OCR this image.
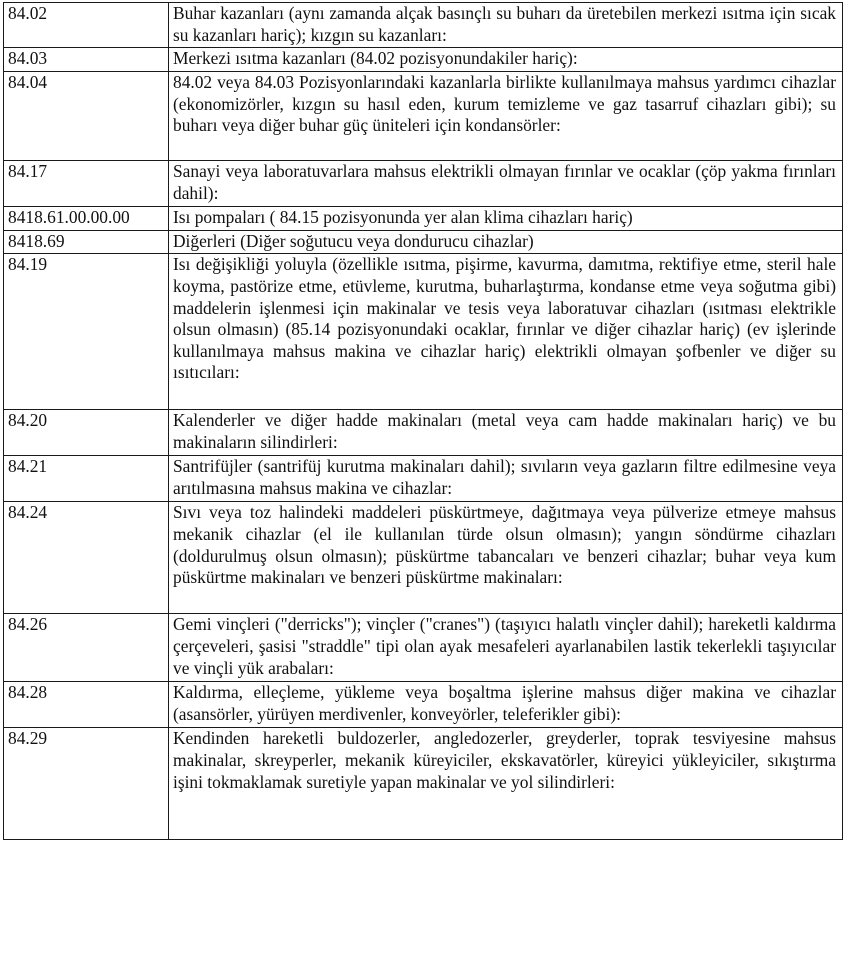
84.02	Buhar kazanları (aynı zamanda alçak basınçlı su buharı da üretebilen merkezi ısıtma için sıcak su kazanları hariç); kızgın su kazanları:
84.03	Merkezi ısıtma kazanları (84.02 pozisyonundakiler hariç):
84.04	84.02 veya 84.03 Pozisyonlarındaki kazanlarla birlikte kullanılmaya mahsus yardımcı cihazlar (ekonomizörler, kızgın su hasıl eden, kurum temizleme ve gaz tasarruf cihazları gibi); su buharı veya diğer buhar güç üniteleri için kondansörler:
84.17	Sanayi veya laboratuvarlara mahsus elektrikli olmayan fırınlar ve ocaklar (çöp yakma fırınları dahil):
8418.61.00.00.00	Isı pompaları ( 84.15 pozisyonunda yer alan klima cihazları hariç)
8418.69	Diğerleri (Diğer soğutucu veya dondurucu cihazlar)
84.19	Isı değişikliği yoluyla (özellikle ısıtma, pişirme, kavurma, damıtma, rektifiye etme, steril hale koyma, pastörize etme, etüvleme, kurutma, buharlaştırma, kondanse etme veya soğutma gibi) maddelerin işlenmesi için makinalar ve tesis veya laboratuvar cihazları (ısıtması elektrikle olsun olmasın) (85.14 pozisyonundaki ocaklar, fırınlar ve diğer cihazlar hariç) (ev işlerinde kullanılmaya mahsus makina ve cihazlar hariç) elektrikli olmayan şofbenler ve diğer su ısıtıcıları:
84.20	Kalenderler ve diğer hadde makinaları (metal veya cam hadde makinaları hariç) ve bu makinaların silindirleri:
84.21	Santrifüjler (santrifüj kurutma makinaları dahil); sıvıların veya gazların filtre edilmesine veya arıtılmasına mahsus makina ve cihazlar:
84.24	Sıvı veya toz halindeki maddeleri püskürtmeye, dağıtmaya veya pülverize etmeye mahsus mekanik cihazlar (el ile kullanılan türde olsun olmasın); yangın söndürme cihazları (doldurulmuş olsun olmasın); püskürtme tabancaları ve benzeri cihazlar; buhar veya kum püskürtme makinaları ve benzeri püskürtme makinaları:
84.26	Gemi vinçleri ("derricks"); vinçler ("cranes") (taşıyıcı halatlı vinçler dahil); hareketli kaldırma çerçeveleri, şasisi "straddle" tipi olan ayak mesafeleri ayarlanabilen lastik tekerlekli taşıyıcılar ve vinçli yük arabaları:
84.28	Kaldırma, elleçleme, yükleme veya boşaltma işlerine mahsus diğer makina ve cihazlar (asansörler, yürüyen merdivenler, konveyörler, teleferikler gibi):
84.29	Kendinden hareketli buldozerler, angledozerler, greyderler, toprak tesviyesine mahsus makinalar, skreyperler, mekanik küreyiciler, ekskavatörler, küreyici yükleyiciler, sıkıştırma işini tokmaklamak suretiyle yapan makinalar ve yol silindirleri:
